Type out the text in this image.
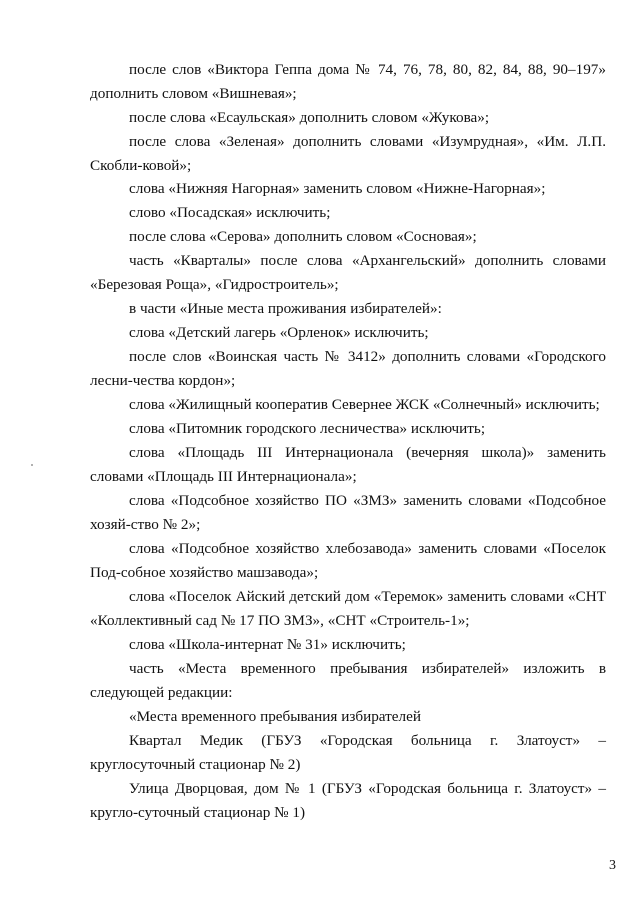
после слов «Виктора Геппа дома № 74, 76, 78, 80, 82, 84, 88, 90–197» дополнить словом «Вишневая»;

после слова «Есаульская» дополнить словом «Жукова»;

после слова «Зеленая» дополнить словами «Изумрудная», «Им. Л.П. Скобли-ковой»;

слова «Нижняя Нагорная» заменить словом «Нижне-Нагорная»;

слово «Посадская» исключить;

после слова «Серова» дополнить словом «Сосновая»;

часть «Кварталы» после слова «Архангельский» дополнить словами «Березовая Роща», «Гидростроитель»;

в части «Иные места проживания избирателей»:

слова «Детский лагерь «Орленок» исключить;

после слов «Воинская часть № 3412» дополнить словами «Городского лесни-чества кордон»;

слова «Жилищный кооператив Севернее ЖСК «Солнечный» исключить;

слова «Питомник городского лесничества» исключить;

слова «Площадь III Интернационала (вечерняя школа)» заменить словами «Площадь III Интернационала»;

слова «Подсобное хозяйство ПО «ЗМЗ» заменить словами «Подсобное хозяй-ство № 2»;

слова «Подсобное хозяйство хлебозавода» заменить словами «Поселок Под-собное хозяйство машзавода»;

слова «Поселок Айский детский дом «Теремок» заменить словами «СНТ «Коллективный сад № 17 ПО ЗМЗ», «СНТ «Строитель-1»;

слова «Школа-интернат № 31» исключить;

часть «Места временного пребывания избирателей» изложить в следующей редакции:

«Места временного пребывания избирателей

Квартал Медик (ГБУЗ «Городская больница г. Златоуст» – круглосуточный стационар № 2)

Улица Дворцовая, дом № 1 (ГБУЗ «Городская больница г. Златоуст» – кругло-суточный стационар № 1)

3
